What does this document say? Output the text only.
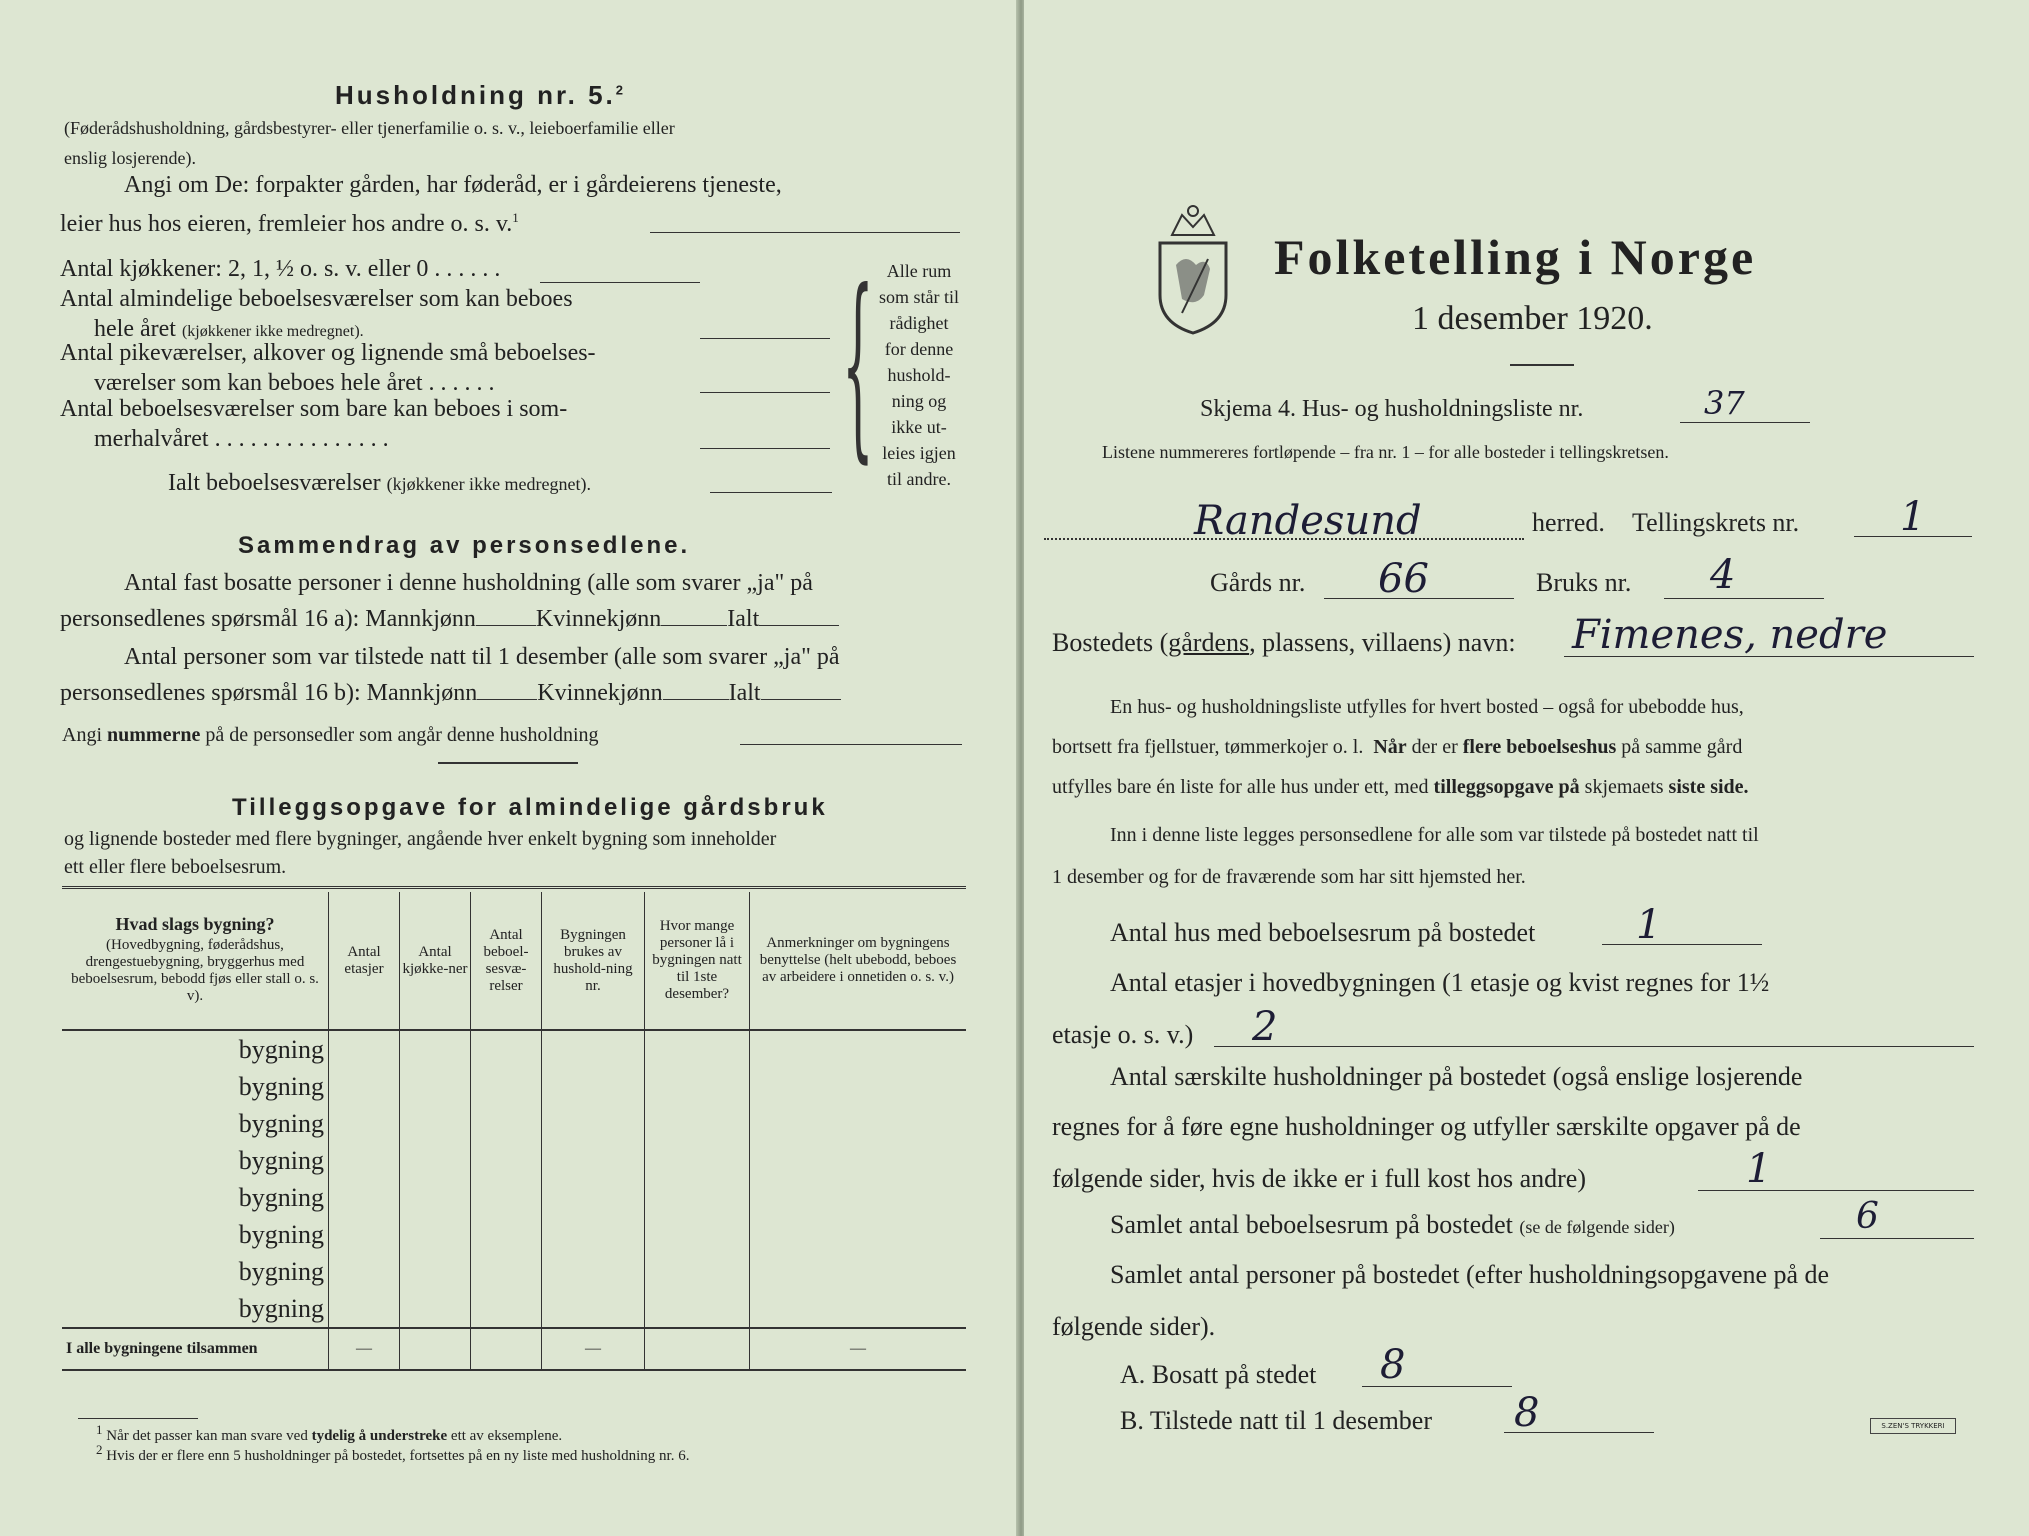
Husholdning nr. 5.$^2$
(Føderådshusholdning, gårdsbestyrer- eller tjenerfamilie o. s. v., leieboerfamilie eller
enslig losjerende).
Angi om De: forpakter gården, har føderåd, er i gårdeierens tjeneste,
leier hus hos eieren, fremleier hos andre o. s. v.$^1$
Antal kjøkkener: 2, 1, ½ o. s. v. eller 0 . . . . . .
Antal almindelige beboelsesværelser som kan beboes
hele året (kjøkkener ikke medregnet).
Antal pikeværelser, alkover og lignende små beboelses-
værelser som kan beboes hele året . . . . . .
Antal beboelsesværelser som bare kan beboes i som-
merhalvåret . . . . . . . . . . . . . . .
Ialt beboelsesværelser (kjøkkener ikke medregnet).
{ Alle rum
som står til
rådighet
for denne
hushold-
ning og
ikke ut-
leies igjen
til andre.
Sammendrag av personsedlene.
Antal fast bosatte personer i denne husholdning (alle som svarer „ja" på
personsedlenes spørsmål 16 a): Mannkjønn	Kvinnekjønn	Ialt
Antal personer som var tilstede natt til 1 desember (alle som svarer „ja" på
personsedlenes spørsmål 16 b): Mannkjønn	Kvinnekjønn	Ialt
Angi nummerne på de personsedler som angår denne husholdning
Tilleggsopgave for almindelige gårdsbruk
og lignende bosteder med flere bygninger, angående hver enkelt bygning som inneholder
ett eller flere beboelsesrum.
Hvad slags bygning?
(Hovedbygning, føderådshus, drengestuebygning, bryggerhus med beboelsesrum, bebodd fjøs eller stall o. s. v).	Antal etasjer	Antal kjøkke-ner	Antal beboel-sesvæ-relser	Bygningen brukes av hushold-ning nr.	Hvor mange personer lå i bygningen natt til 1ste desember?	Anmerkninger om bygningens benyttelse (helt ubebodd, beboes av arbeidere i onnetiden o. s. v.)
bygning						
bygning						
bygning						
bygning						
bygning						
bygning						
bygning						
bygning						
I alle bygningene tilsammen	—			—		—
$^1$ Når det passer kan man svare ved tydelig å understreke ett av eksemplene.
$^2$ Hvis der er flere enn 5 husholdninger på bostedet, fortsettes på en ny liste med husholdning nr. 6.
Folketelling i Norge
1 desember 1920.
Skjema 4. Hus- og husholdningsliste nr.	37
Listene nummereres fortløpende – fra nr. 1 – for alle bosteder i tellingskretsen.
Randesund	herred. Tellingskrets nr.	1
Gårds nr. 66	Bruks nr. 4
Bostedets (gårdens, plassens, villaens) navn: Fimenes, nedre
En hus- og husholdningsliste utfylles for hvert bosted – også for ubebodde hus,
bortsett fra fjellstuer, tømmerkojer o. l. Når der er flere beboelseshus på samme gård
utfylles bare én liste for alle hus under ett, med tilleggsopgave på skjemaets siste side.
Inn i denne liste legges personsedlene for alle som var tilstede på bostedet natt til
1 desember og for de fraværende som har sitt hjemsted her.
Antal hus med beboelsesrum på bostedet	1
Antal etasjer i hovedbygningen (1 etasje og kvist regnes for 1½
etasje o. s. v.) 2
Antal særskilte husholdninger på bostedet (også enslige losjerende
regnes for å føre egne husholdninger og utfyller særskilte opgaver på de
følgende sider, hvis de ikke er i full kost hos andre)	1
Samlet antal beboelsesrum på bostedet (se de følgende sider)	6
Samlet antal personer på bostedet (efter husholdningsopgavene på de
følgende sider).
A. Bosatt på stedet 8
B. Tilstede natt til 1 desember 8	S.ZEN'S TRYKKERI
